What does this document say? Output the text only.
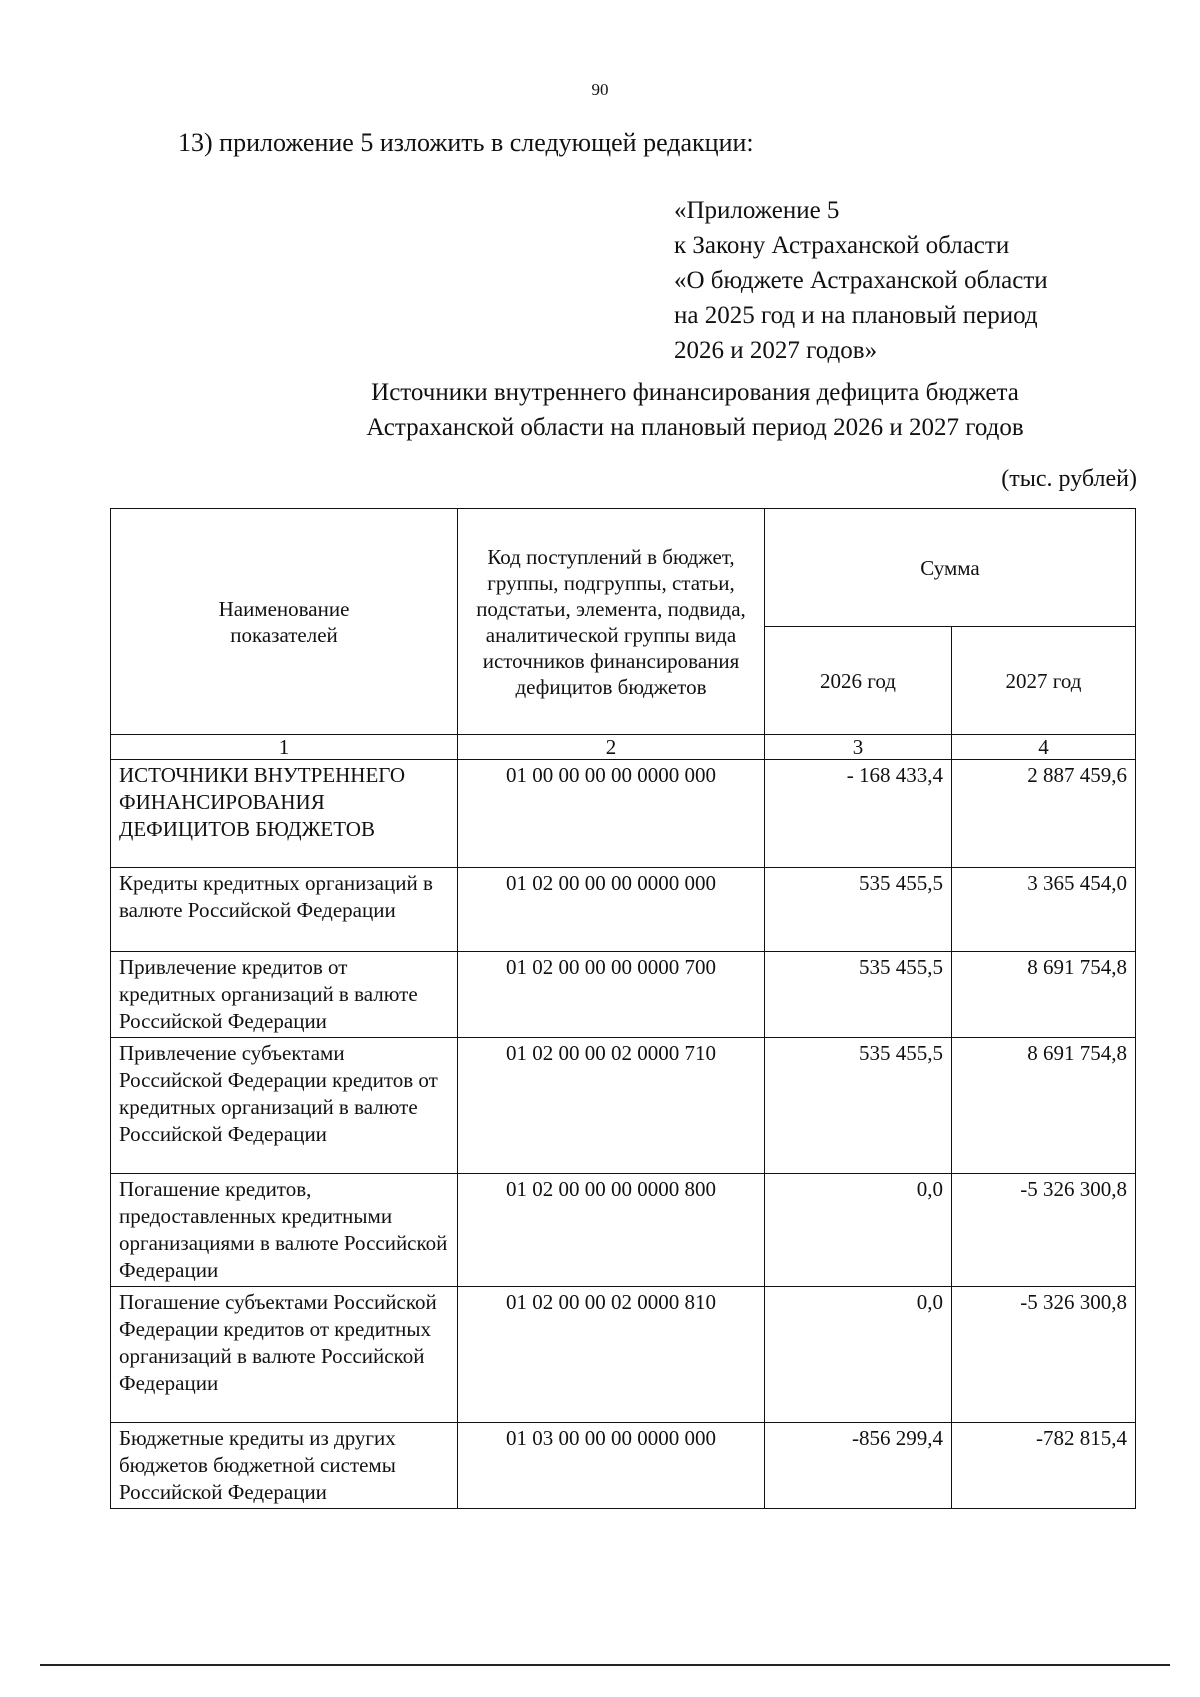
90
13) приложение 5 изложить в следующей редакции:
«Приложение 5
к Закону Астраханской области
«О бюджете Астраханской области
на 2025 год и на плановый период
2026 и 2027 годов»
Источники внутреннего финансирования дефицита бюджета
Астраханской области на плановый период 2026 и 2027 годов
(тыс. рублей)
Наименование показателей	Код поступлений в бюджет, группы, подгруппы, статьи, подстатьи, элемента, подвида, аналитической группы вида источников финансирования дефицитов бюджетов	Сумма	
		2026 год	2027 год
1	2	3	4
ИСТОЧНИКИ ВНУТРЕННЕГО ФИНАНСИРОВАНИЯ ДЕФИЦИТОВ БЮДЖЕТОВ	01 00 00 00 00 0000 000	- 168 433,4	2 887 459,6
Кредиты кредитных организаций в валюте Российской Федерации	01 02 00 00 00 0000 000	535 455,5	3 365 454,0
Привлечение кредитов от кредитных организаций в валюте Российской Федерации	01 02 00 00 00 0000 700	535 455,5	8 691 754,8
Привлечение субъектами Российской Федерации кредитов от кредитных организаций в валюте Российской Федерации	01 02 00 00 02 0000 710	535 455,5	8 691 754,8
Погашение кредитов, предоставленных кредитными организациями в валюте Российской Федерации	01 02 00 00 00 0000 800	0,0	-5 326 300,8
Погашение субъектами Российской Федерации кредитов от кредитных организаций в валюте Российской Федерации	01 02 00 00 02 0000 810	0,0	-5 326 300,8
Бюджетные кредиты из других бюджетов бюджетной системы Российской Федерации	01 03 00 00 00 0000 000	-856 299,4	-782 815,4
